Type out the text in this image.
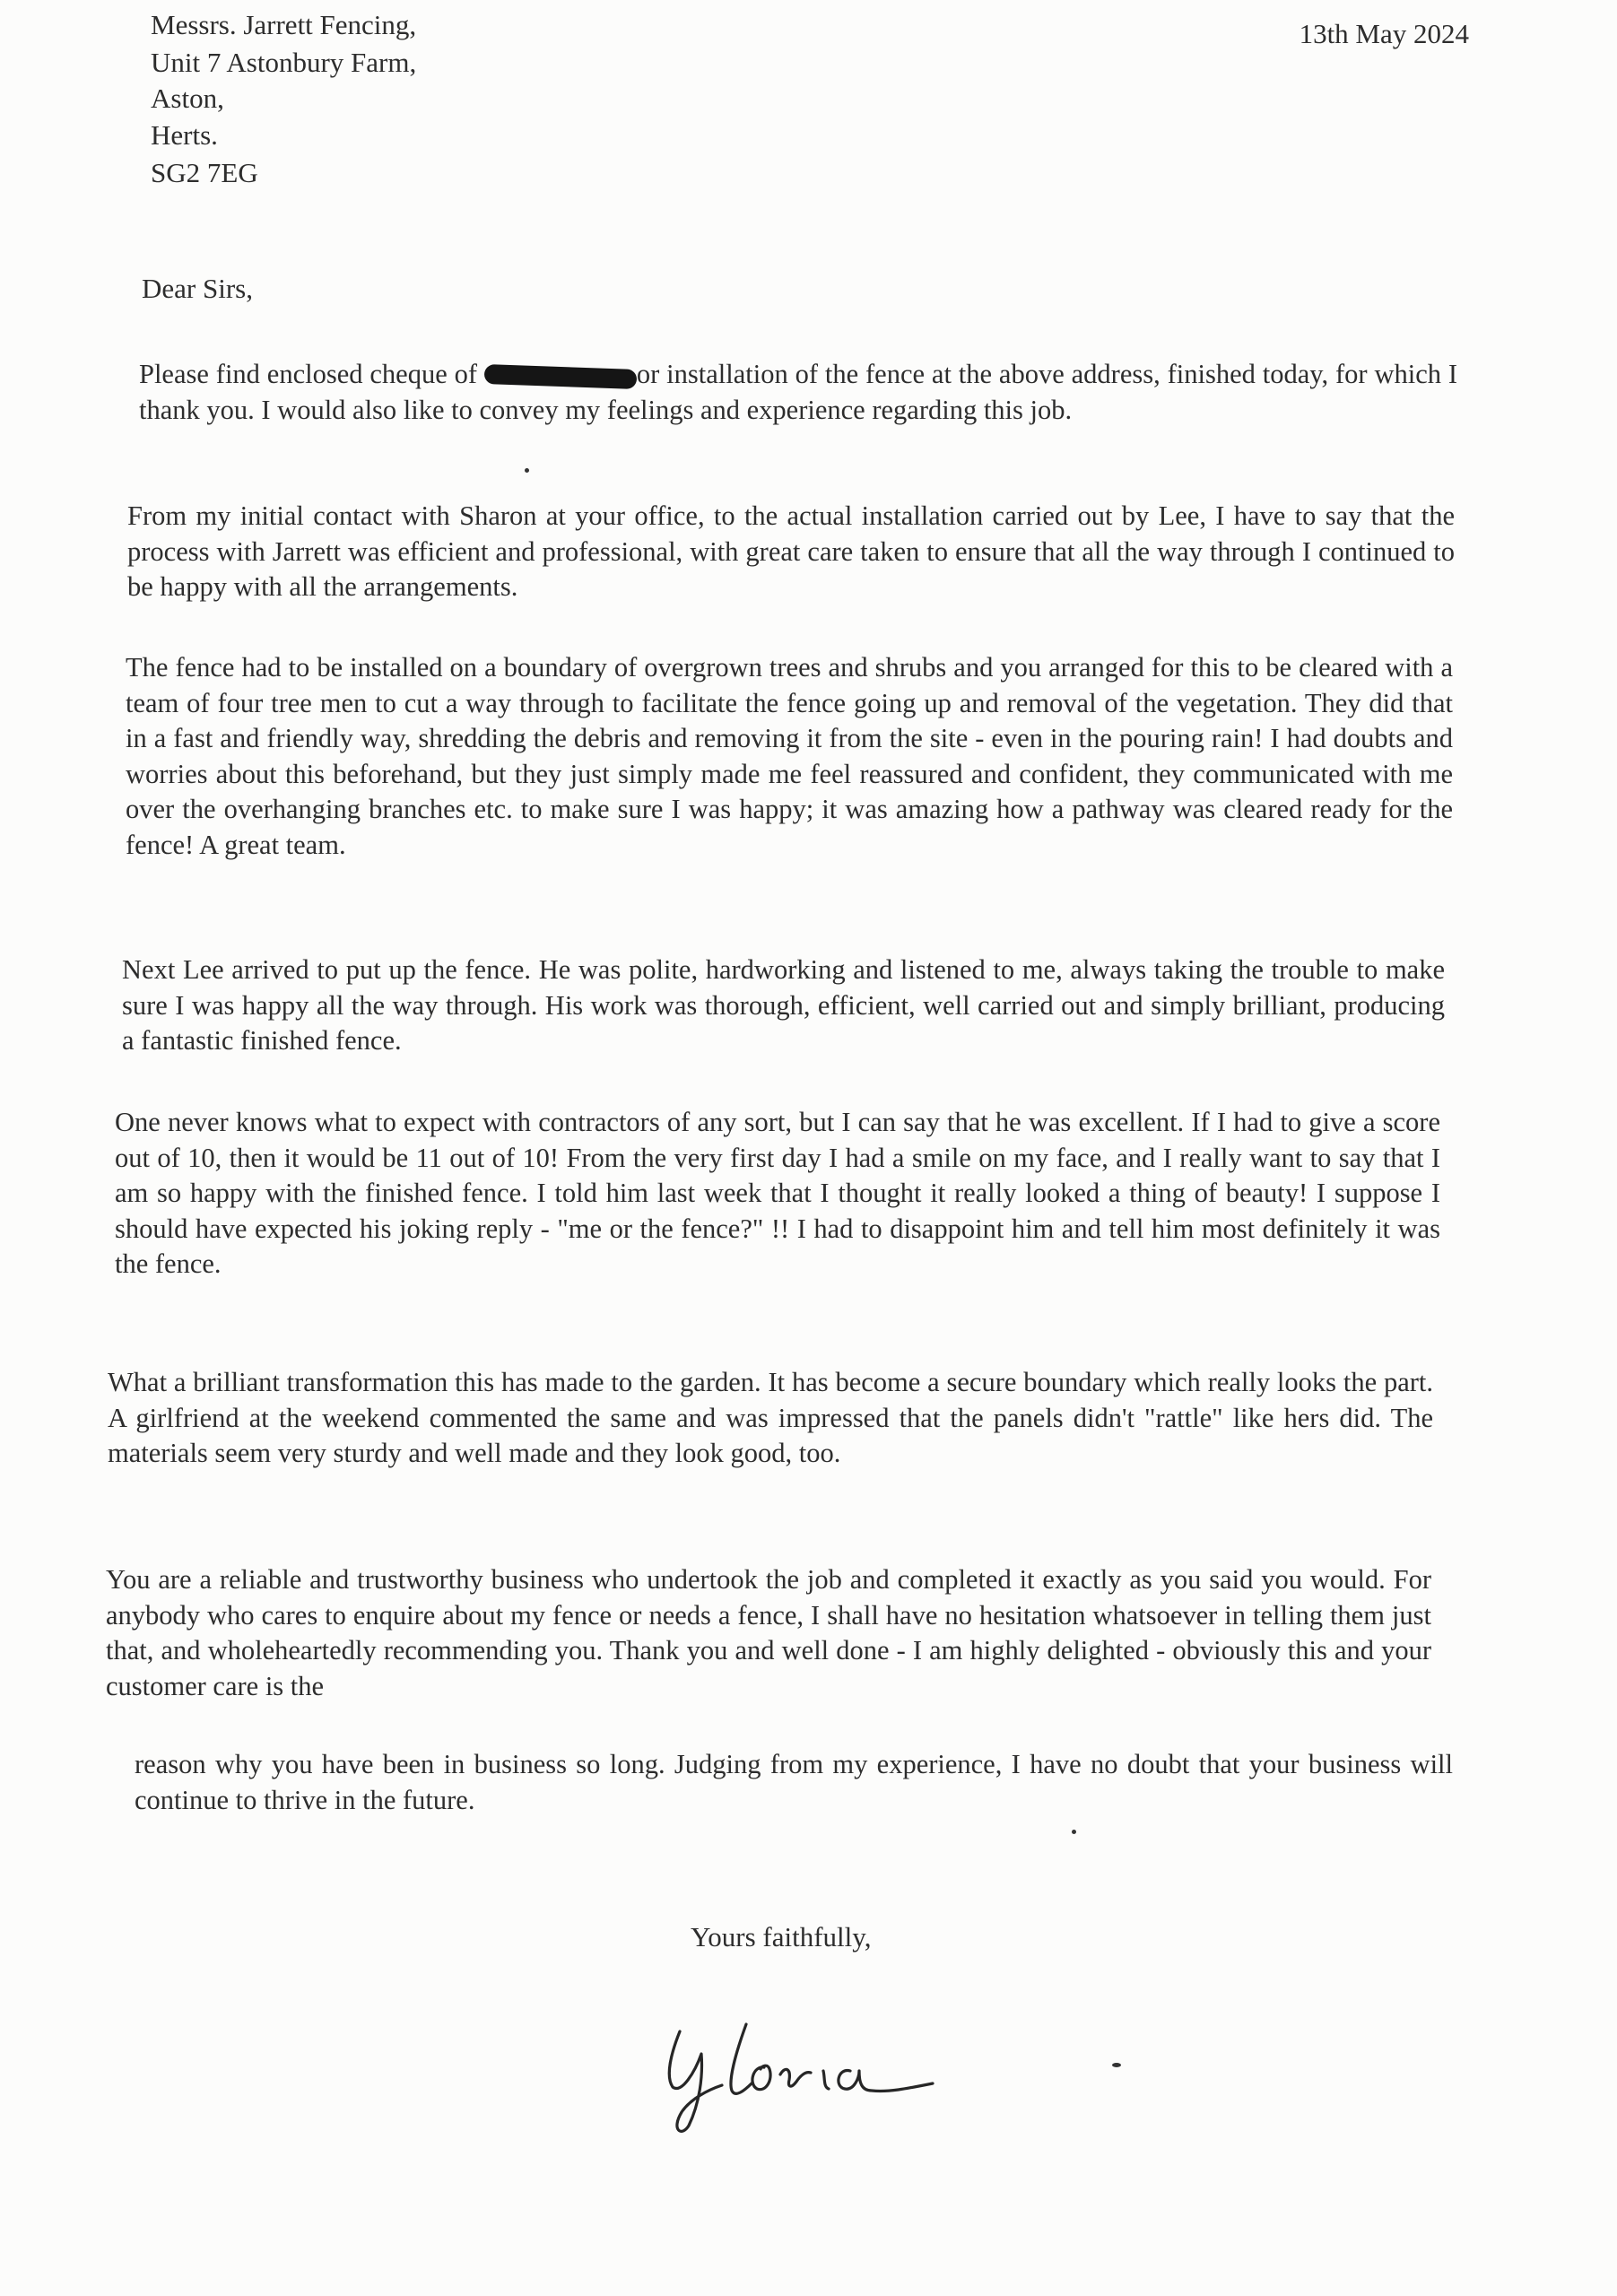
13th May 2024
Messrs. Jarrett Fencing,
Unit 7 Astonbury Farm,
Aston,
Herts.
SG2 7EG
Dear Sirs,

Please find enclosed cheque of	or installation of the fence at the above address, finished today, for which I thank you. I would also like to convey my feelings and experience regarding this job.

From my initial contact with Sharon at your office, to the actual installation carried out by Lee, I have to say that the process with Jarrett was efficient and professional, with great care taken to ensure that all the way through I continued to be happy with all the arrangements.

The fence had to be installed on a boundary of overgrown trees and shrubs and you arranged for this to be cleared with a team of four tree men to cut a way through to facilitate the fence going up and removal of the vegetation. They did that in a fast and friendly way, shredding the debris and removing it from the site - even in the pouring rain! I had doubts and worries about this beforehand, but they just simply made me feel reassured and confident, they communicated with me over the overhanging branches etc. to make sure I was happy; it was amazing how a pathway was cleared ready for the fence! A great team.

Next Lee arrived to put up the fence. He was polite, hardworking and listened to me, always taking the trouble to make sure I was happy all the way through. His work was thorough, efficient, well carried out and simply brilliant, producing a fantastic finished fence.

One never knows what to expect with contractors of any sort, but I can say that he was excellent. If I had to give a score out of 10, then it would be 11 out of 10! From the very first day I had a smile on my face, and I really want to say that I am so happy with the finished fence. I told him last week that I thought it really looked a thing of beauty! I suppose I should have expected his joking reply - "me or the fence?" !! I had to disappoint him and tell him most definitely it was the fence.

What a brilliant transformation this has made to the garden. It has become a secure boundary which really looks the part. A girlfriend at the weekend commented the same and was impressed that the panels didn't "rattle" like hers did. The materials seem very sturdy and well made and they look good, too.

You are a reliable and trustworthy business who undertook the job and completed it exactly as you said you would. For anybody who cares to enquire about my fence or needs a fence, I shall have no hesitation whatsoever in telling them just that, and wholeheartedly recommending you. Thank you and well done - I am highly delighted - obviously this and your customer care is the

reason why you have been in business so long. Judging from my experience, I have no doubt that your business will continue to thrive in the future.

Yours faithfully,
